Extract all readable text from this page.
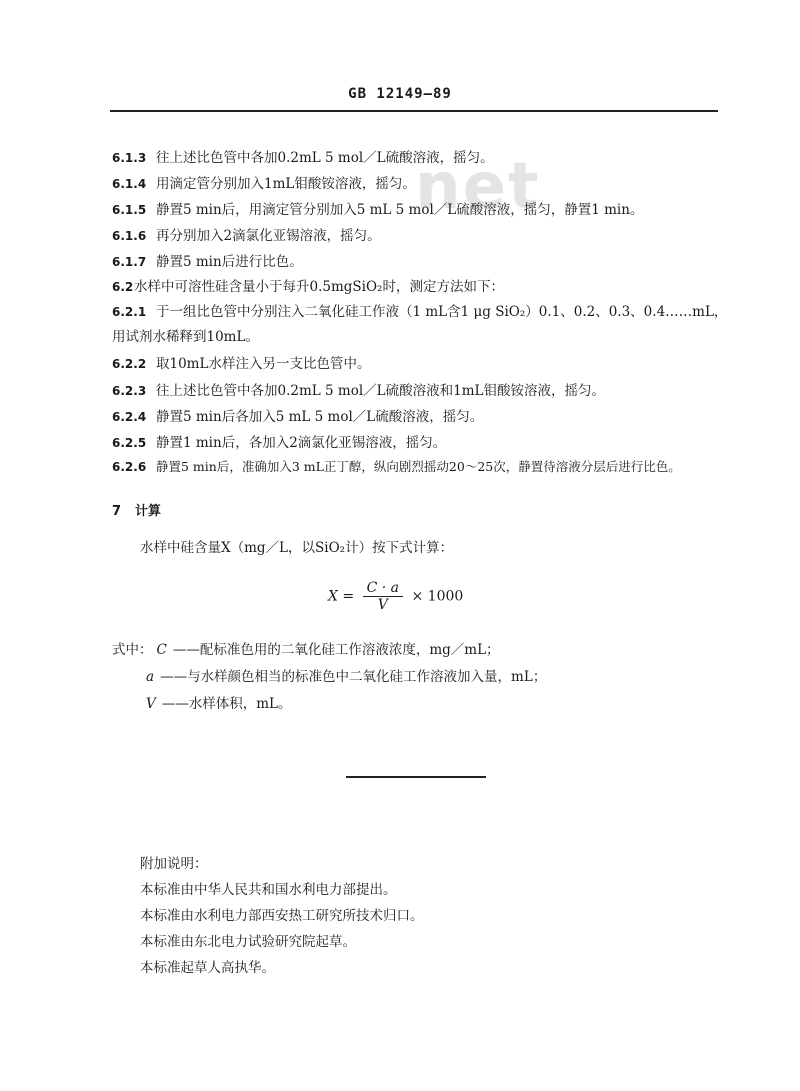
net
GB 12149—89
6.1.3 往上述比色管中各加0.2mL 5 mol／L硫酸溶液，摇匀。
6.1.4 用滴定管分别加入1mL钼酸铵溶液，摇匀。
6.1.5 静置5 min后，用滴定管分别加入5 mL 5 mol／L硫酸溶液，摇匀，静置1 min。
6.1.6 再分别加入2滴氯化亚锡溶液，摇匀。
6.1.7 静置5 min后进行比色。
6.2水样中可溶性硅含量小于每升0.5mgSiO₂时，测定方法如下：
6.2.1 于一组比色管中分别注入二氧化硅工作液（1 mL含1 μg SiO₂）0.1、0.2、0.3、0.4……mL，
用试剂水稀释到10mL。
6.2.2 取10mL水样注入另一支比色管中。
6.2.3 往上述比色管中各加0.2mL 5 mol／L硫酸溶液和1mL钼酸铵溶液，摇匀。
6.2.4 静置5 min后各加入5 mL 5 mol／L硫酸溶液，摇匀。
6.2.5 静置1 min后，各加入2滴氯化亚锡溶液，摇匀。
6.2.6 静置5 min后，准确加入3 mL正丁醇，纵向剧烈摇动20～25次，静置待溶液分层后进行比色。
7 计算
水样中硅含量X（mg／L，以SiO₂计）按下式计算：
$X = \frac{C \cdot a}{V} \times 1000$
式中： C ——配标准色用的二氧化硅工作溶液浓度，mg／mL；
a ——与水样颜色相当的标准色中二氧化硅工作溶液加入量，mL；
V ——水样体积，mL。
附加说明：
本标准由中华人民共和国水利电力部提出。
本标准由水利电力部西安热工研究所技术归口。
本标准由东北电力试验研究院起草。
本标准起草人高执华。
